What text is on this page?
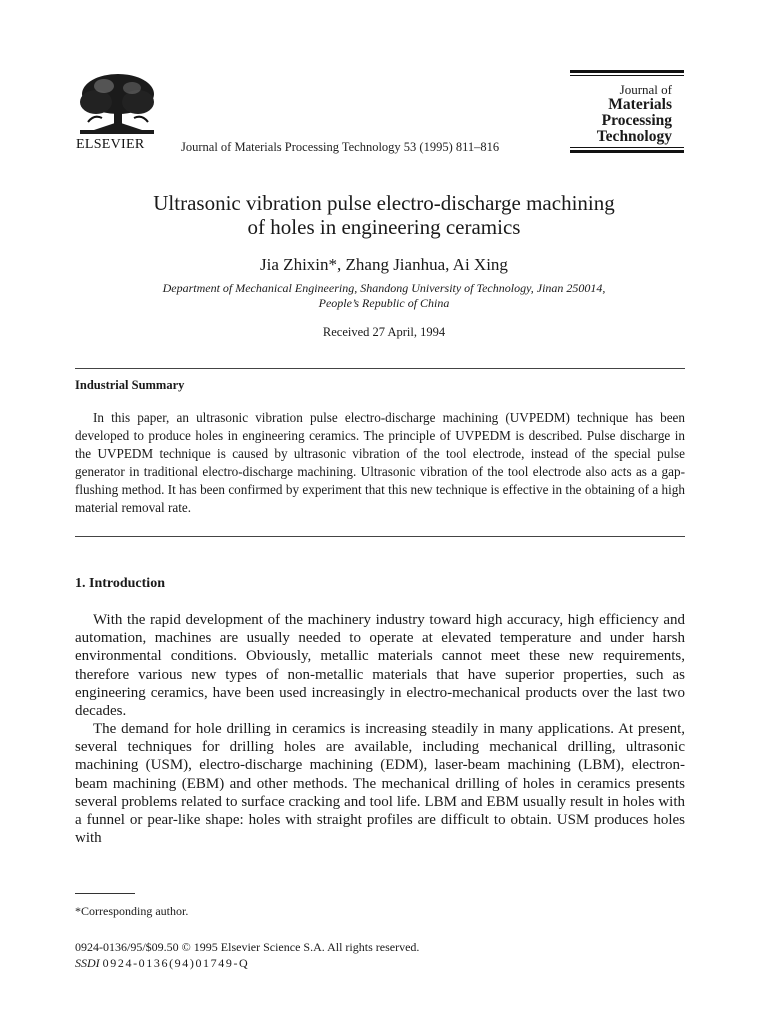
ELSEVIER	Journal of Materials Processing Technology 53 (1995) 811–816
Journal of
Materials
Processing
Technology
Ultrasonic vibration pulse electro-discharge machining
of holes in engineering ceramics
Jia Zhixin*, Zhang Jianhua, Ai Xing
Department of Mechanical Engineering, Shandong University of Technology, Jinan 250014,
People’s Republic of China
Received 27 April, 1994
Industrial Summary
In this paper, an ultrasonic vibration pulse electro-discharge machining (UVPEDM) technique has been developed to produce holes in engineering ceramics. The principle of UVPEDM is described. Pulse discharge in the UVPEDM technique is caused by ultrasonic vibration of the tool electrode, instead of the special pulse generator in traditional electro-discharge machining. Ultrasonic vibration of the tool electrode also acts as a gap-flushing method. It has been confirmed by experiment that this new technique is effective in the obtaining of a high material removal rate.
1. Introduction
With the rapid development of the machinery industry toward high accuracy, high efficiency and automation, machines are usually needed to operate at elevated temperature and under harsh environmental conditions. Obviously, metallic materials cannot meet these new requirements, therefore various new types of non-metallic materials that have superior properties, such as engineering ceramics, have been used increasingly in electro-mechanical products over the last two decades.
The demand for hole drilling in ceramics is increasing steadily in many applications. At present, several techniques for drilling holes are available, including mechanical drilling, ultrasonic machining (USM), electro-discharge machining (EDM), laser-beam machining (LBM), electron-beam machining (EBM) and other methods. The mechanical drilling of holes in ceramics presents several problems related to surface cracking and tool life. LBM and EBM usually result in holes with a funnel or pear-like shape: holes with straight profiles are difficult to obtain. USM produces holes with
*Corresponding author.
0924-0136/95/$09.50 © 1995 Elsevier Science S.A. All rights reserved.
SSDI 0924-0136(94)01749-Q
